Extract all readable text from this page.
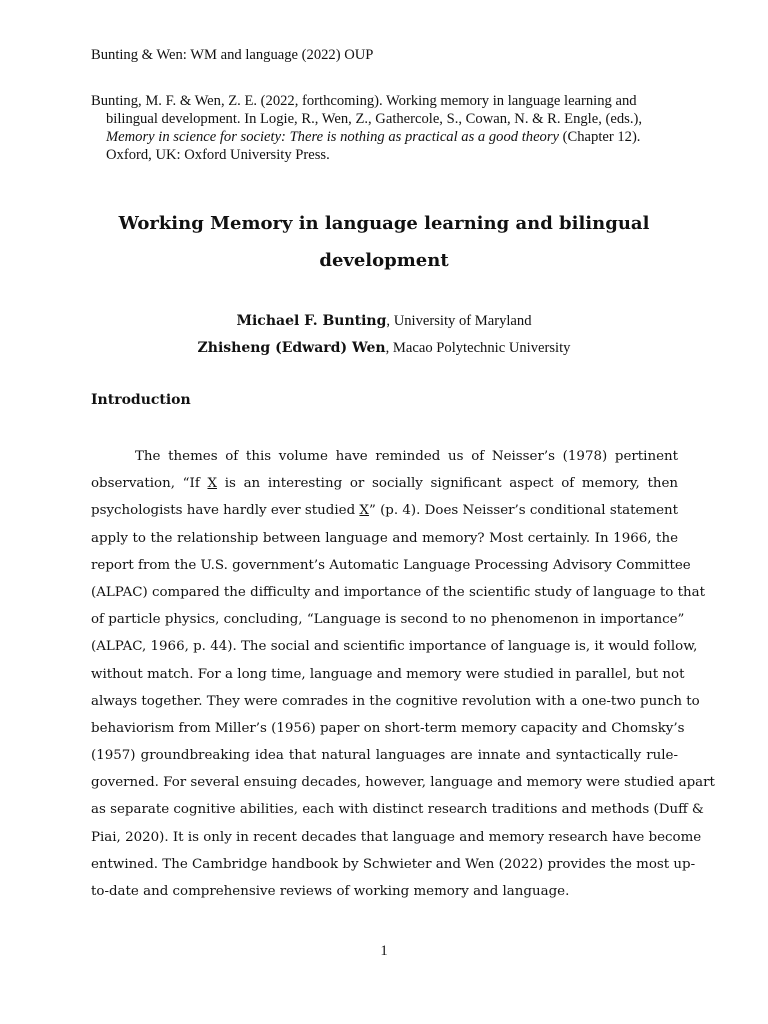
Bunting & Wen: WM and language (2022) OUP
Bunting, M. F. & Wen, Z. E. (2022, forthcoming). Working memory in language learning and
bilingual development. In Logie, R., Wen, Z., Gathercole, S., Cowan, N. & R. Engle, (eds.),
Memory in science for society: There is nothing as practical as a good theory (Chapter 12).
Oxford, UK: Oxford University Press.
Working Memory in language learning and bilingual
development
Michael F. Bunting, University of Maryland
Zhisheng (Edward) Wen, Macao Polytechnic University
Introduction
The themes of this volume have reminded us of Neisser’s (1978) pertinent
observation, “If X is an interesting or socially significant aspect of memory, then
psychologists have hardly ever studied X” (p. 4). Does Neisser’s conditional statement
apply to the relationship between language and memory? Most certainly. In 1966, the
report from the U.S. government’s Automatic Language Processing Advisory Committee
(ALPAC) compared the difficulty and importance of the scientific study of language to that
of particle physics, concluding, “Language is second to no phenomenon in importance”
(ALPAC, 1966, p. 44). The social and scientific importance of language is, it would follow,
without match. For a long time, language and memory were studied in parallel, but not
always together. They were comrades in the cognitive revolution with a one-two punch to
behaviorism from Miller’s (1956) paper on short-term memory capacity and Chomsky’s
(1957) groundbreaking idea that natural languages are innate and syntactically rule-
governed. For several ensuing decades, however, language and memory were studied apart
as separate cognitive abilities, each with distinct research traditions and methods (Duff &
Piai, 2020). It is only in recent decades that language and memory research have become
entwined. The Cambridge handbook by Schwieter and Wen (2022) provides the most up-
to-date and comprehensive reviews of working memory and language.
1
